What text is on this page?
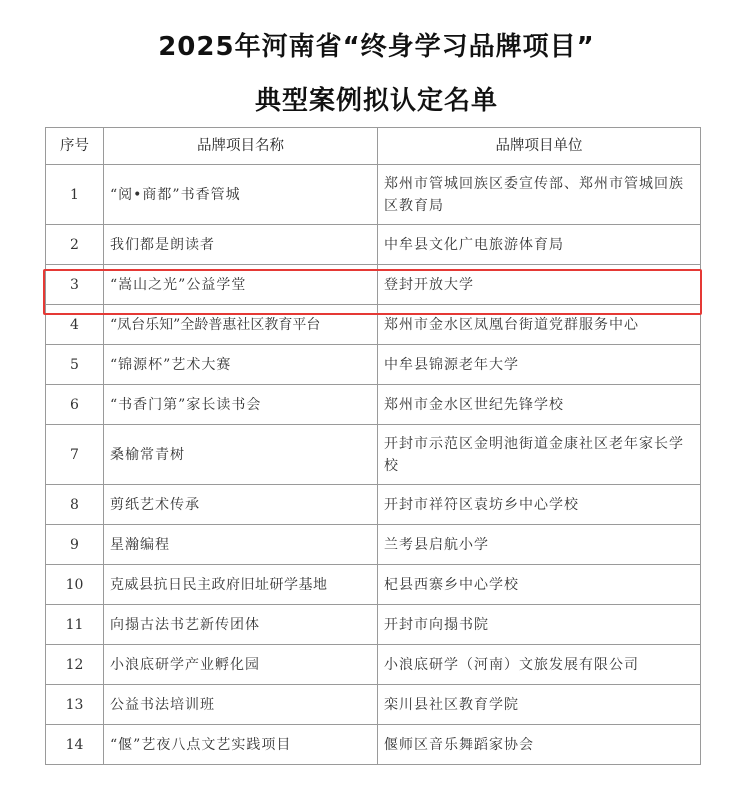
2025年河南省“终身学习品牌项目”
典型案例拟认定名单
序号	品牌项目名称	品牌项目单位
1	“阅•商都”书香管城	郑州市管城回族区委宣传部、郑州市管城回族区教育局
2	我们都是朗读者	中牟县文化广电旅游体育局
3	“嵩山之光”公益学堂	登封开放大学
4	“凤台乐知”全龄普惠社区教育平台	郑州市金水区凤凰台街道党群服务中心
5	“锦源杯”艺术大赛	中牟县锦源老年大学
6	“书香门第”家长读书会	郑州市金水区世纪先锋学校
7	桑榆常青树	开封市示范区金明池街道金康社区老年家长学校
8	剪纸艺术传承	开封市祥符区袁坊乡中心学校
9	星瀚编程	兰考县启航小学
10	克威县抗日民主政府旧址研学基地	杞县西寨乡中心学校
11	向搨古法书艺新传团体	开封市向搨书院
12	小浪底研学产业孵化园	小浪底研学（河南）文旅发展有限公司
13	公益书法培训班	栾川县社区教育学院
14	“偃”艺夜八点文艺实践项目	偃师区音乐舞蹈家协会
